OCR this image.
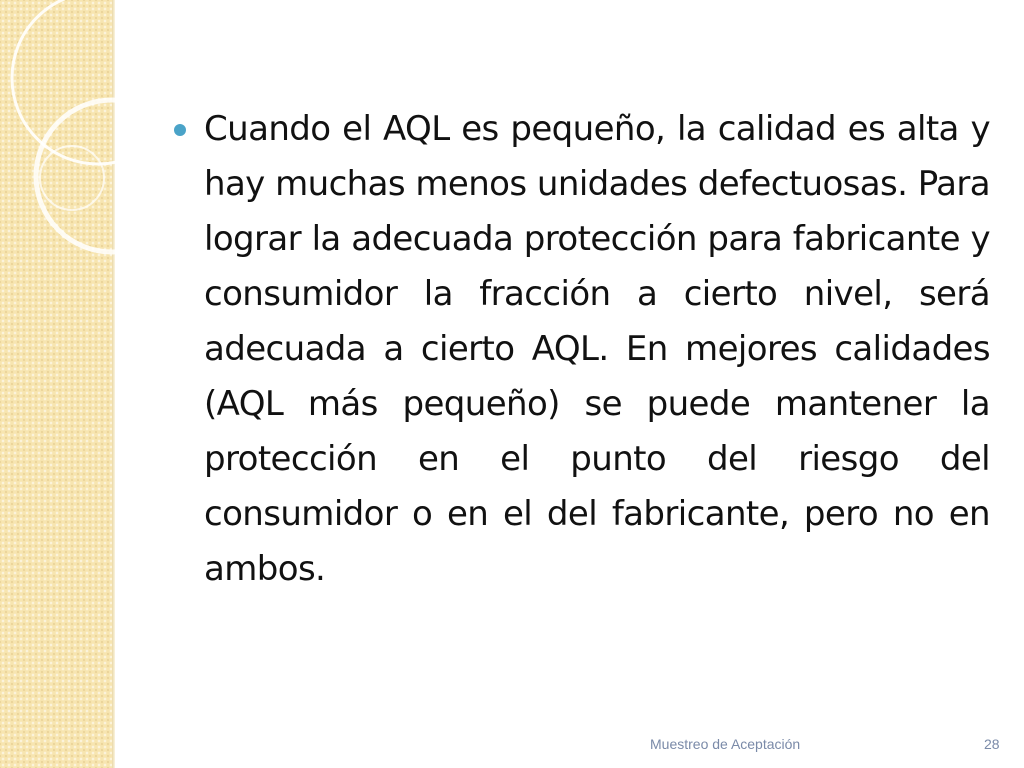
Cuando el AQL es pequeño, la calidad es alta y hay muchas menos unidades defectuosas. Para lograr la adecuada protección para fabricante y consumidor la fracción a cierto nivel, será adecuada a cierto AQL. En mejores calidades (AQL más pequeño) se puede mantener la protección en el punto del riesgo del consumidor o en el del fabricante, pero no en ambos.

Muestreo de Aceptación	28
